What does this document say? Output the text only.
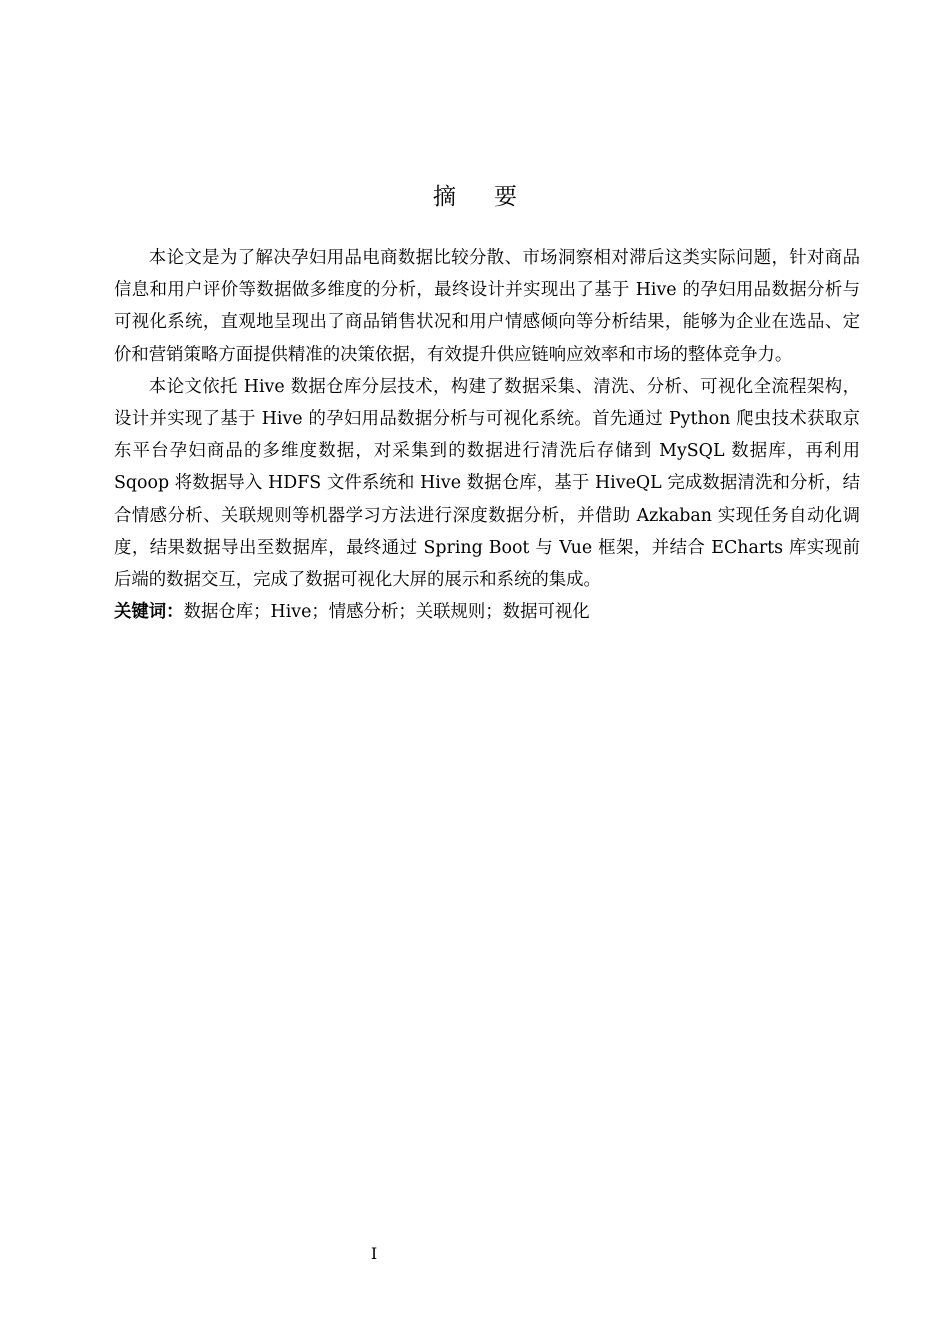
摘 要

本论文是为了解决孕妇用品电商数据比较分散、市场洞察相对滞后这类实际问题，针对商品信息和用户评价等数据做多维度的分析，最终设计并实现出了基于 Hive 的孕妇用品数据分析与可视化系统，直观地呈现出了商品销售状况和用户情感倾向等分析结果，能够为企业在选品、定价和营销策略方面提供精准的决策依据，有效提升供应链响应效率和市场的整体竞争力。

本论文依托 Hive 数据仓库分层技术，构建了数据采集、清洗、分析、可视化全流程架构，设计并实现了基于 Hive 的孕妇用品数据分析与可视化系统。首先通过 Python 爬虫技术获取京东平台孕妇商品的多维度数据，对采集到的数据进行清洗后存储到 MySQL 数据库，再利用 Sqoop 将数据导入 HDFS 文件系统和 Hive 数据仓库，基于 HiveQL 完成数据清洗和分析，结合情感分析、关联规则等机器学习方法进行深度数据分析，并借助 Azkaban 实现任务自动化调度，结果数据导出至数据库，最终通过 Spring Boot 与 Vue 框架，并结合 ECharts 库实现前后端的数据交互，完成了数据可视化大屏的展示和系统的集成。

关键词：数据仓库；Hive；情感分析；关联规则；数据可视化

I
